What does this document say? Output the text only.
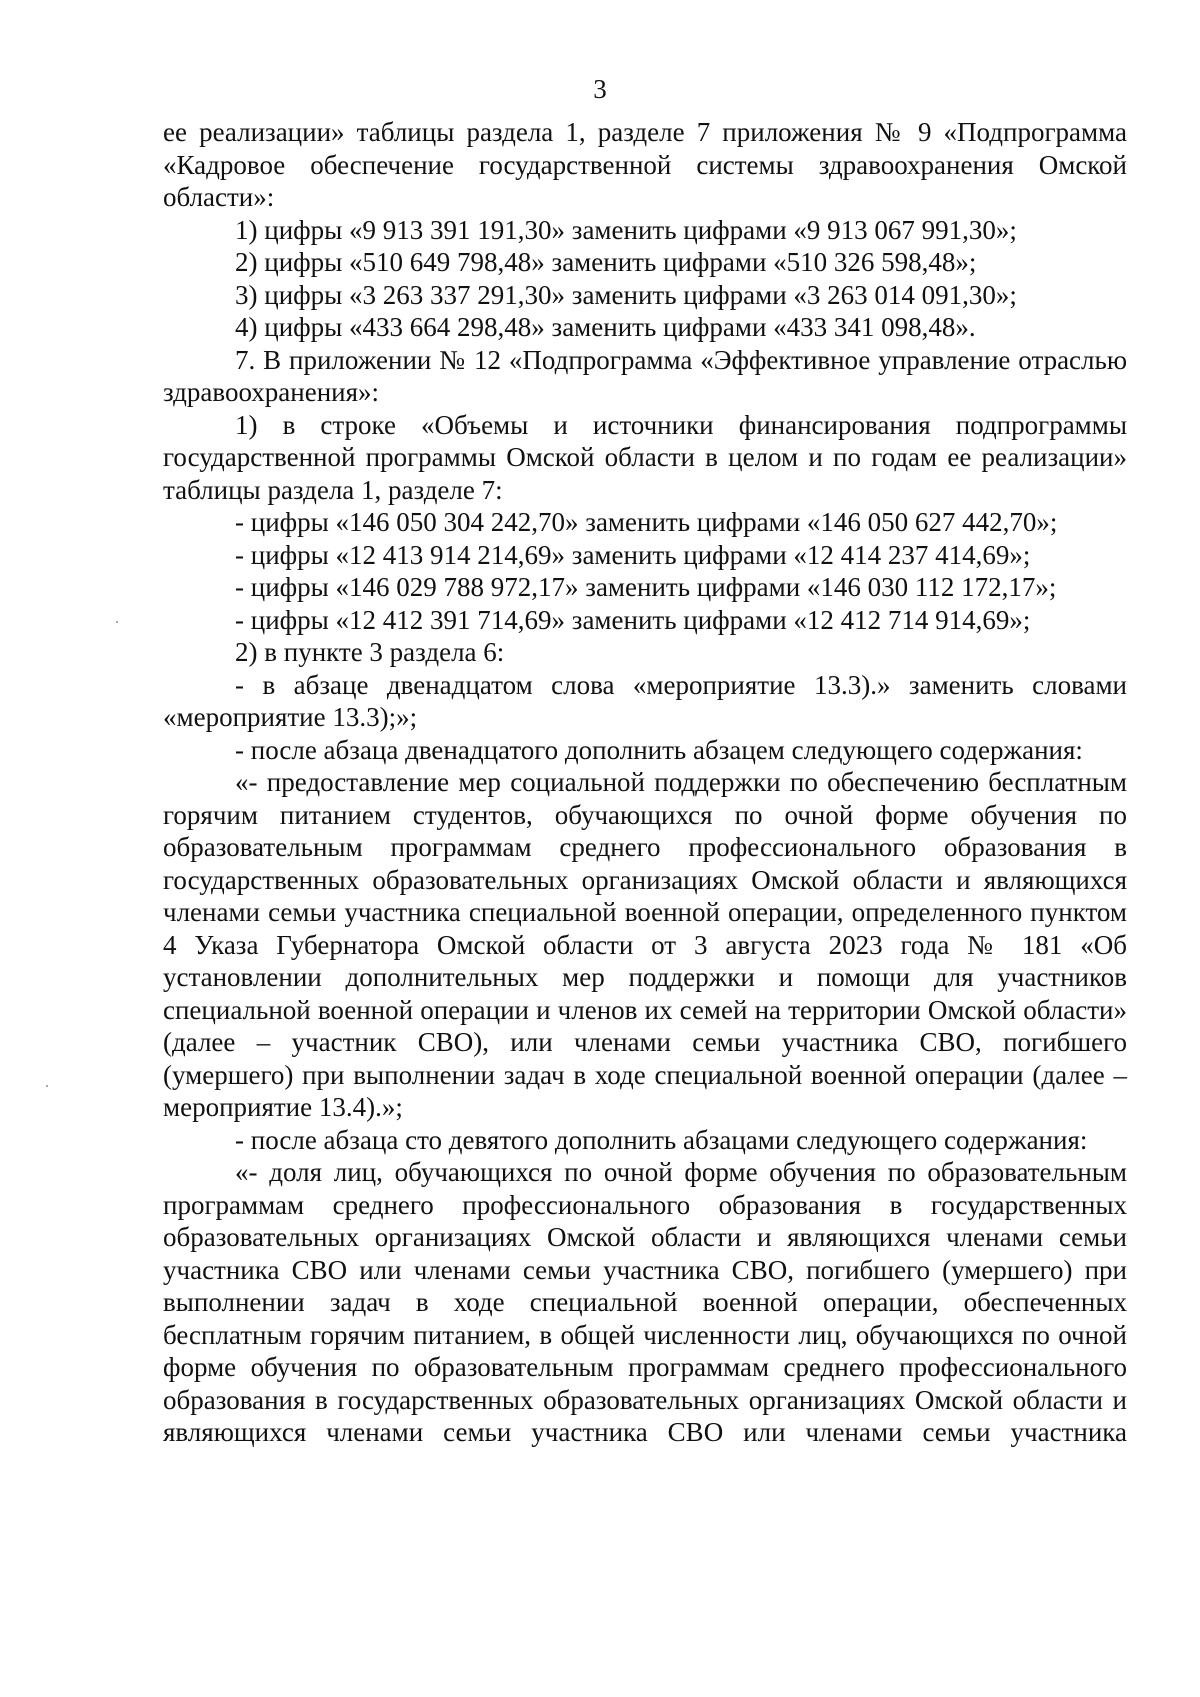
3

ее реализации» таблицы раздела 1, разделе 7 приложения № 9 «Подпрограмма «Кадровое обеспечение государственной системы здравоохранения Омской области»:

1) цифры «9 913 391 191,30» заменить цифрами «9 913 067 991,30»;

2) цифры «510 649 798,48» заменить цифрами «510 326 598,48»;

3) цифры «3 263 337 291,30» заменить цифрами «3 263 014 091,30»;

4) цифры «433 664 298,48» заменить цифрами «433 341 098,48».

7. В приложении № 12 «Подпрограмма «Эффективное управление отраслью здравоохранения»:

1) в строке «Объемы и источники финансирования подпрограммы государственной программы Омской области в целом и по годам ее реализации» таблицы раздела 1, разделе 7:

- цифры «146 050 304 242,70» заменить цифрами «146 050 627 442,70»;

- цифры «12 413 914 214,69» заменить цифрами «12 414 237 414,69»;

- цифры «146 029 788 972,17» заменить цифрами «146 030 112 172,17»;

- цифры «12 412 391 714,69» заменить цифрами «12 412 714 914,69»;

2) в пункте 3 раздела 6:

- в абзаце двенадцатом слова «мероприятие 13.3).» заменить словами «мероприятие 13.3);»;

- после абзаца двенадцатого дополнить абзацем следующего содержания:

«- предоставление мер социальной поддержки по обеспечению бесплатным горячим питанием студентов, обучающихся по очной форме обучения по образовательным программам среднего профессионального образования в государственных образовательных организациях Омской области и являющихся членами семьи участника специальной военной операции, определенного пунктом 4 Указа Губернатора Омской области от 3 августа 2023 года № 181 «Об установлении дополнительных мер поддержки и помощи для участников специальной военной операции и членов их семей на территории Омской области» (далее – участник СВО), или членами семьи участника СВО, погибшего (умершего) при выполнении задач в ходе специальной военной операции (далее – мероприятие 13.4).»;

- после абзаца сто девятого дополнить абзацами следующего содержания:

«- доля лиц, обучающихся по очной форме обучения по образовательным программам среднего профессионального образования в государственных образовательных организациях Омской области и являющихся членами семьи участника СВО или членами семьи участника СВО, погибшего (умершего) при выполнении задач в ходе специальной военной операции, обеспеченных бесплатным горячим питанием, в общей численности лиц, обучающихся по очной форме обучения по образовательным программам среднего профессионального образования в государственных образовательных организациях Омской области и являющихся членами семьи участника СВО или членами семьи участника
